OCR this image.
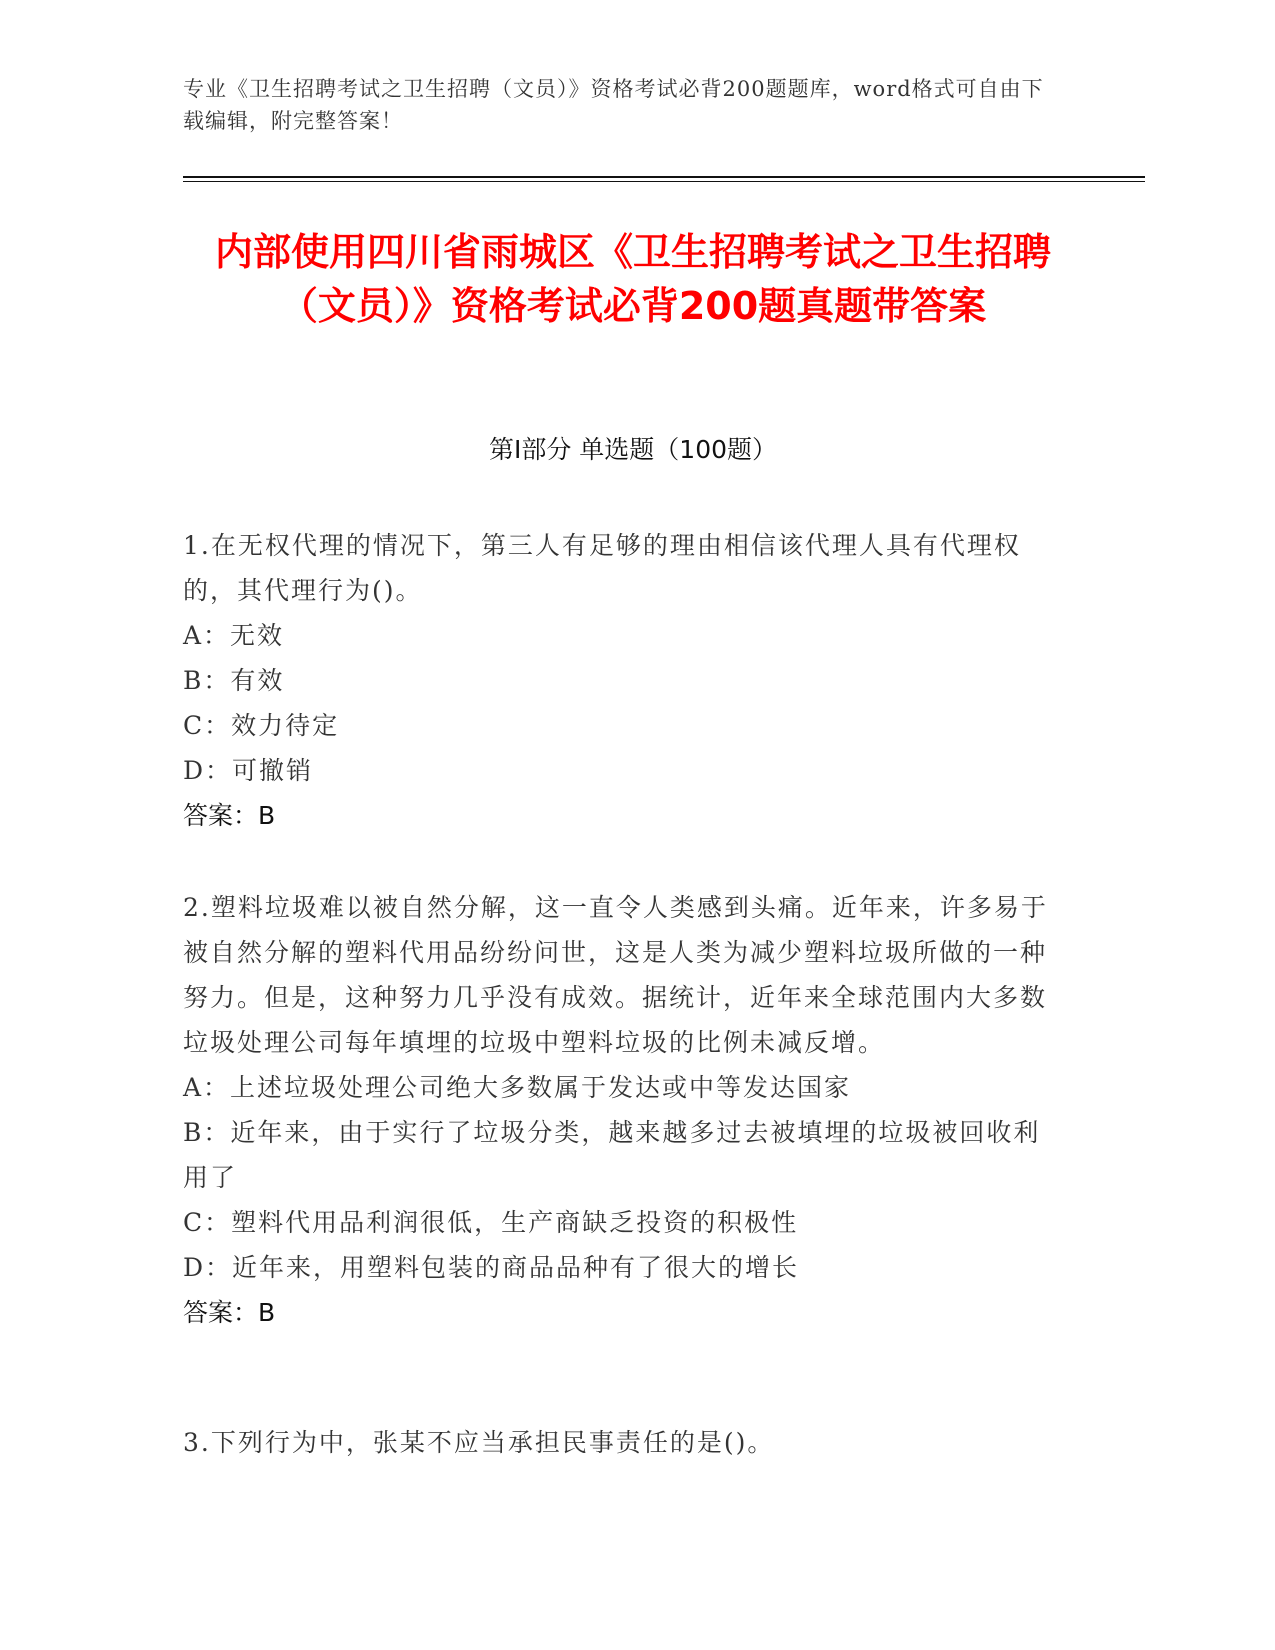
专业《卫生招聘考试之卫生招聘（文员）》资格考试必背200题题库，word格式可自由下载编辑，附完整答案！
内部使用四川省雨城区《卫生招聘考试之卫生招聘（文员）》资格考试必背200题真题带答案
第Ⅰ部分 单选题（100题）
1.在无权代理的情况下，第三人有足够的理由相信该代理人具有代理权的，其代理行为()。
A：无效
B：有效
C：效力待定
D：可撤销
答案：B
2.塑料垃圾难以被自然分解，这一直令人类感到头痛。近年来，许多易于被自然分解的塑料代用品纷纷问世，这是人类为减少塑料垃圾所做的一种努力。但是，这种努力几乎没有成效。据统计，近年来全球范围内大多数垃圾处理公司每年填埋的垃圾中塑料垃圾的比例未减反增。
A：上述垃圾处理公司绝大多数属于发达或中等发达国家
B：近年来，由于实行了垃圾分类，越来越多过去被填埋的垃圾被回收利用了
C：塑料代用品利润很低，生产商缺乏投资的积极性
D：近年来，用塑料包装的商品品种有了很大的增长
答案：B
3.下列行为中，张某不应当承担民事责任的是()。
